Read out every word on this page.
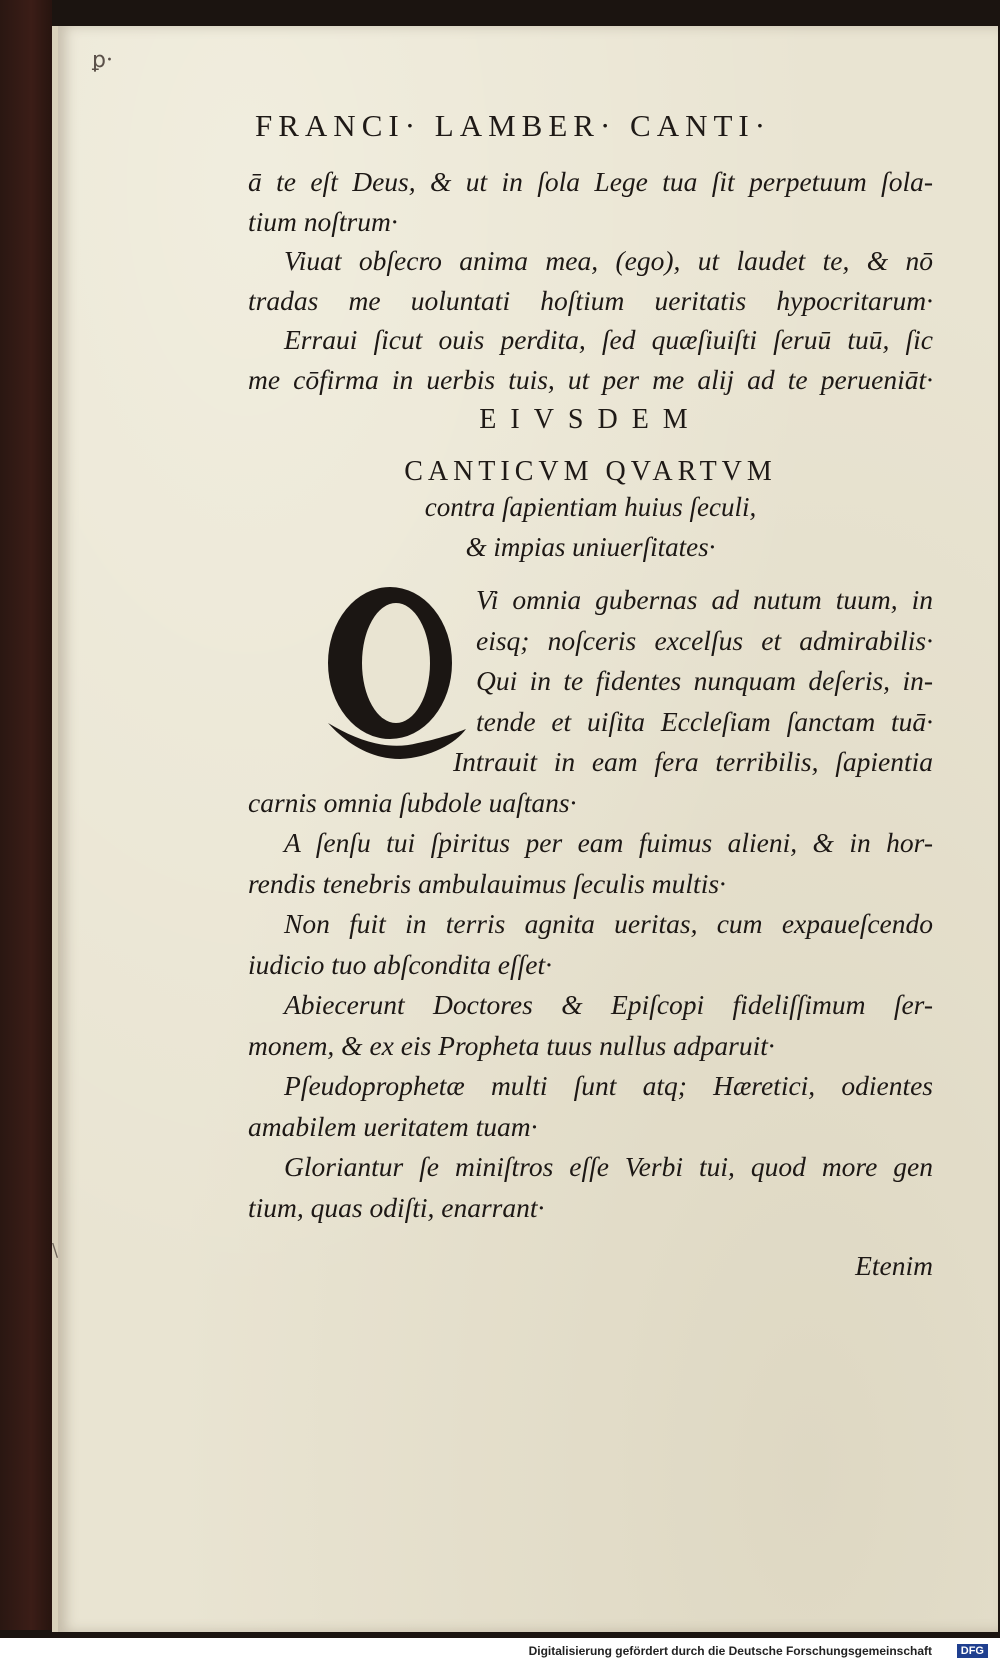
ꝑ·
\
FRANCI· LAMBER· CANTI·
ā te eſt Deus, & ut in ſola Lege tua ſit perpetuum ſola-
tium noſtrum·
Viuat obſecro anima mea, (ego), ut laudet te, & nō
tradas me uoluntati hoſtium ueritatis hypocritarum·
Erraui ſicut ouis perdita, ſed quæſiuiſti ſeruū tuū, ſic
me cōfirma in uerbis tuis, ut per me alij ad te perueniāt·
EIVSDEM
CANTICVM QVARTVM
contra ſapientiam huius ſeculi,
& impias uniuerſitates·
Vi omnia gubernas ad nutum tuum, in
eisq; noſceris excelſus et admirabilis·
Qui in te fidentes nunquam deſeris, in-
tende et uiſita Eccleſiam ſanctam tuā·
Intrauit in eam fera terribilis, ſapientia
carnis omnia ſubdole uaſtans·
A ſenſu tui ſpiritus per eam fuimus alieni, & in hor-
rendis tenebris ambulauimus ſeculis multis·
Non fuit in terris agnita ueritas, cum expaueſcendo
iudicio tuo abſcondita eſſet·
Abiecerunt Doctores & Epiſcopi fideliſſimum ſer-
monem, & ex eis Propheta tuus nullus adparuit·
Pſeudoprophetæ multi ſunt atq; Hæretici, odientes
amabilem ueritatem tuam·
Gloriantur ſe miniſtros eſſe Verbi tui, quod more gen
tium, quas odiſti, enarrant·
Etenim
Digitalisierung gefördert durch die Deutsche Forschungsgemeinschaft	DFG
